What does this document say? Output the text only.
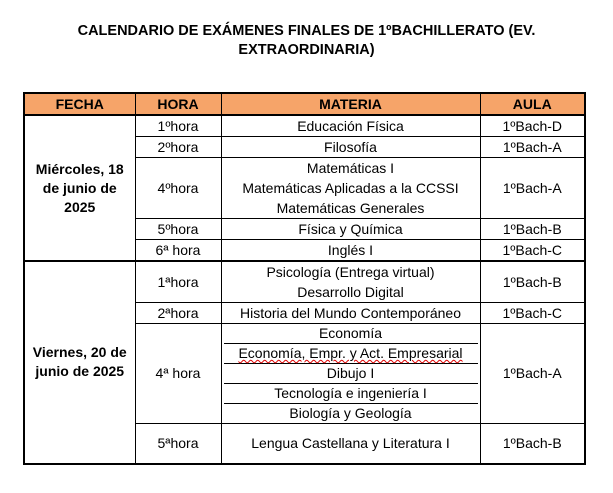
CALENDARIO DE EXÁMENES FINALES DE 1ºBACHILLERATO (EV.
EXTRAORDINARIA)
FECHA	HORA	MATERIA	AULA
Miércoles, 18 de junio de 2025	1ºhora	Educación Física	1ºBach-D
	2ºhora	Filosofía	1ºBach-A
	4ºhora	Matemáticas I
Matemáticas Aplicadas a la CCSSI
Matemáticas Generales	1ºBach-A
	5ºhora	Física y Química	1ºBach-B
	6ª hora	Inglés I	1ºBach-C
Viernes, 20 de junio de 2025	1ªhora	Psicología (Entrega virtual)
Desarrollo Digital	1ºBach-B
	2ªhora	Historia del Mundo Contemporáneo	1ºBach-C
	4ª hora	Economía
Economía, Empr. y Act. Empresarial
Dibujo I
Tecnología e ingeniería I
Biología y Geología	1ºBach-A
	5ªhora	Lengua Castellana y Literatura I	1ºBach-B
